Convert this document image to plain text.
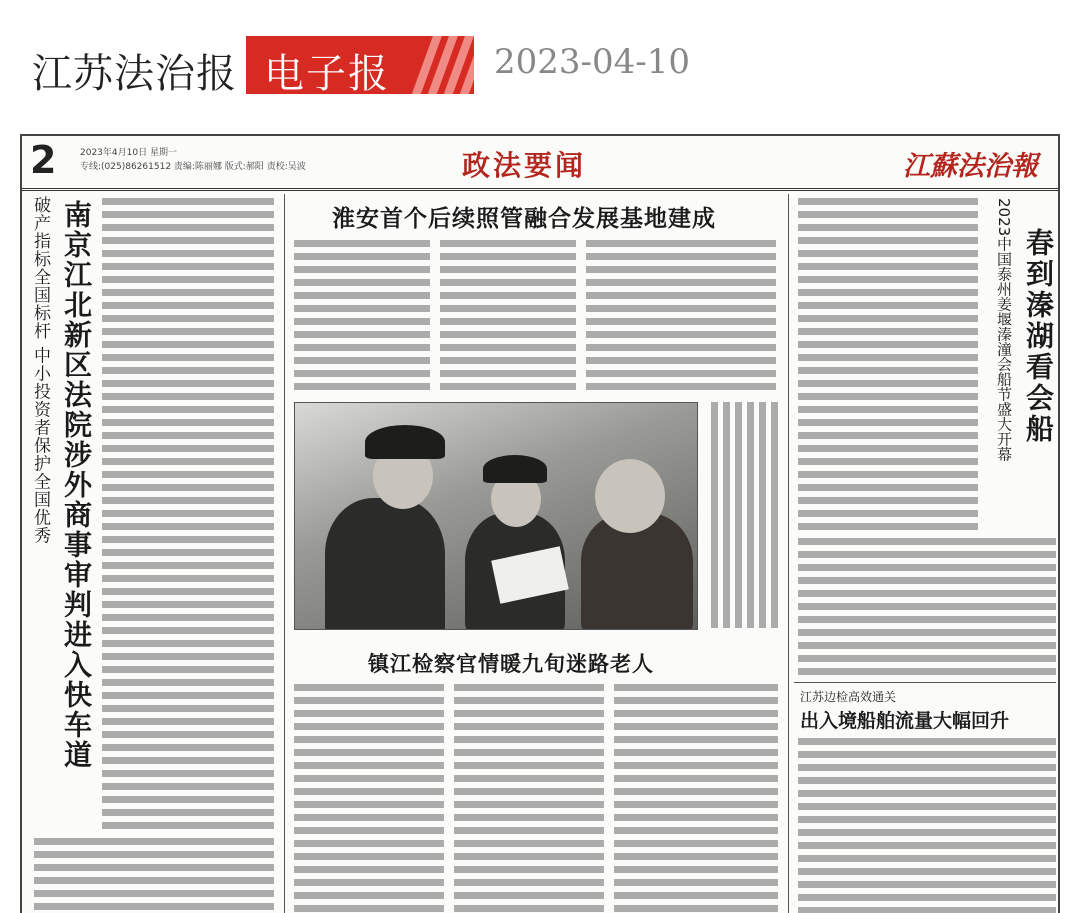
江苏法治报 电子报	2023-04-10
2	2023年4月10日 星期一
专线:(025)86261512 责编:陈丽娜 版式:郝阳 责校:吴波	政法要闻	江蘇法治報
破产指标全国标杆 中小投资者保护全国优秀 南京江北新区法院涉外商事审判进入快车道	淮安首个后续照管融合发展基地建成
镇江检察官情暖九旬迷路老人
2023中国泰州姜堰溱潼会船节盛大开幕 春到溱湖看会船
江苏边检高效通关
出入境船舶流量大幅回升
